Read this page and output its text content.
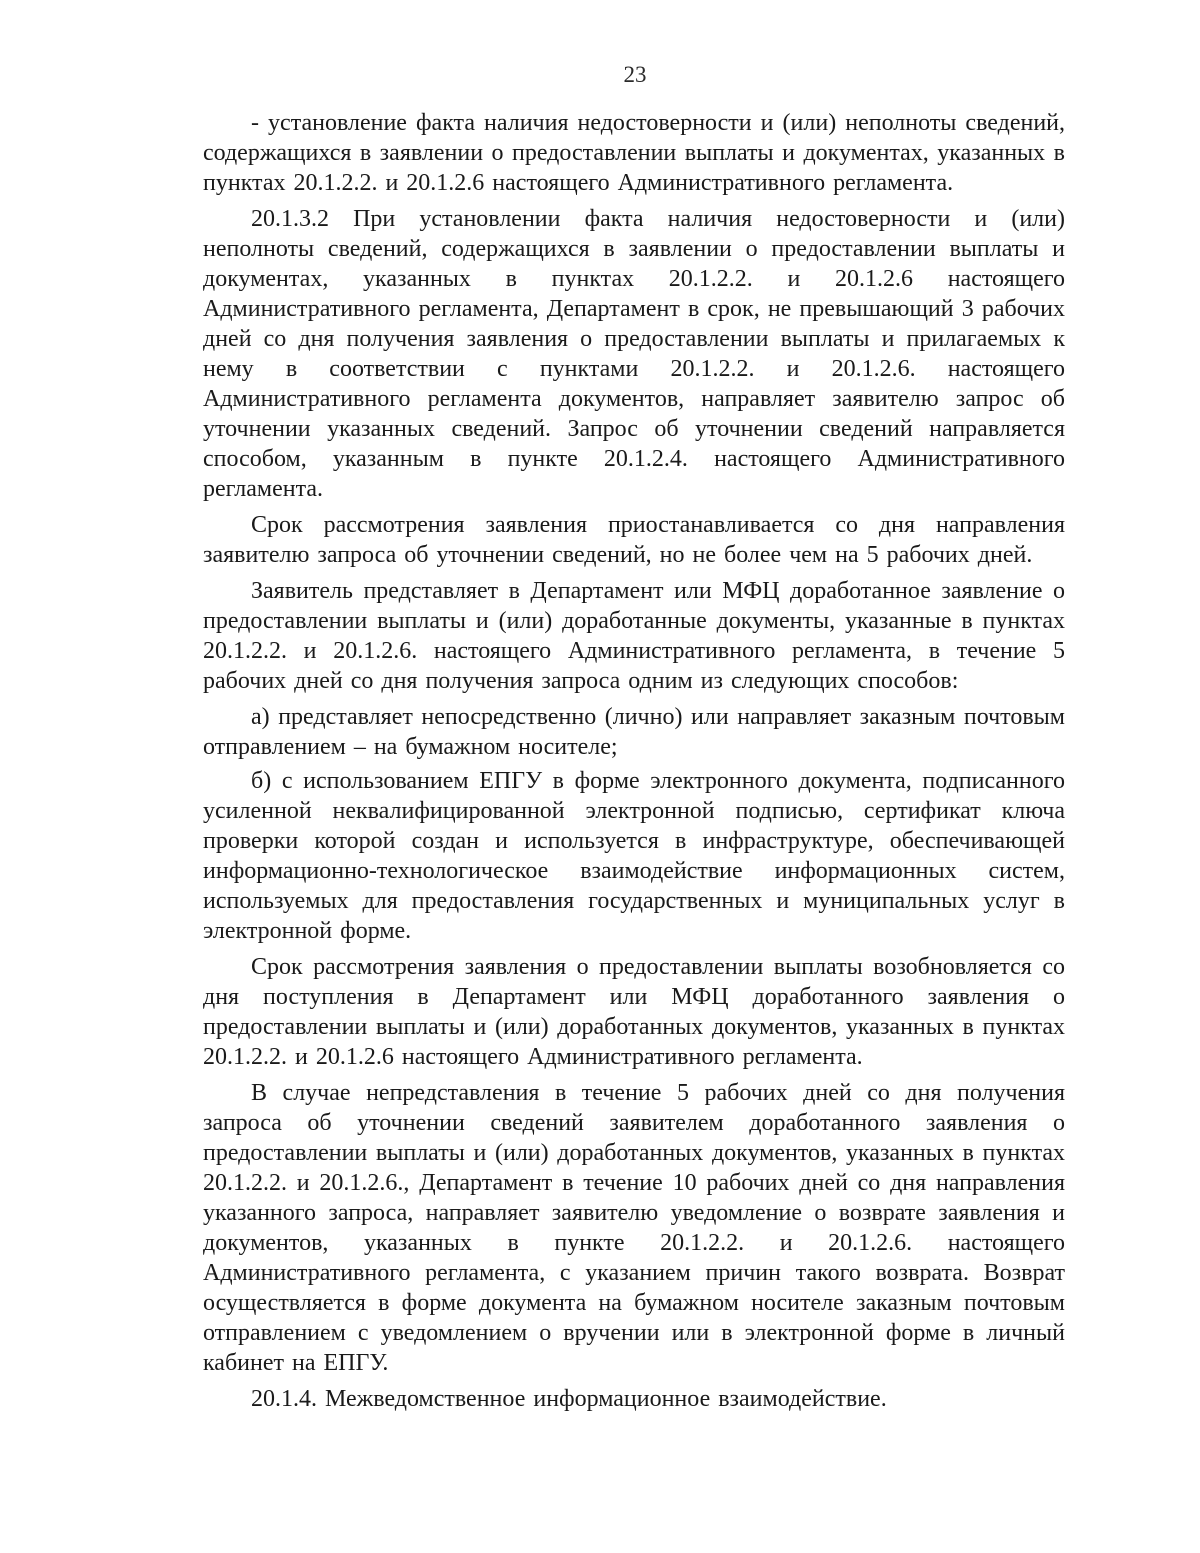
23

- установление факта наличия недостоверности и (или) неполноты сведений, содержащихся в заявлении о предоставлении выплаты и документах, указанных в пунктах 20.1.2.2. и 20.1.2.6 настоящего Административного регламента.

20.1.3.2 При установлении факта наличия недостоверности и (или) неполноты сведений, содержащихся в заявлении о предоставлении выплаты и документах, указанных в пунктах 20.1.2.2. и 20.1.2.6 настоящего Административного регламента, Департамент в срок, не превышающий 3 рабочих дней со дня получения заявления о предоставлении выплаты и прилагаемых к нему в соответствии с пунктами 20.1.2.2. и 20.1.2.6. настоящего Административного регламента документов, направляет заявителю запрос об уточнении указанных сведений. Запрос об уточнении сведений направляется способом, указанным в пункте 20.1.2.4. настоящего Административного регламента.

Срок рассмотрения заявления приостанавливается со дня направления заявителю запроса об уточнении сведений, но не более чем на 5 рабочих дней.

Заявитель представляет в Департамент или МФЦ доработанное заявление о предоставлении выплаты и (или) доработанные документы, указанные в пунктах 20.1.2.2. и 20.1.2.6. настоящего Административного регламента, в течение 5 рабочих дней со дня получения запроса одним из следующих способов:

а) представляет непосредственно (лично) или направляет заказным почтовым отправлением – на бумажном носителе;

б) с использованием ЕПГУ в форме электронного документа, подписанного усиленной неквалифицированной электронной подписью, сертификат ключа проверки которой создан и используется в инфраструктуре, обеспечивающей информационно-технологическое взаимодействие информационных систем, используемых для предоставления государственных и муниципальных услуг в электронной форме.

Срок рассмотрения заявления о предоставлении выплаты возобновляется со дня поступления в Департамент или МФЦ доработанного заявления о предоставлении выплаты и (или) доработанных документов, указанных в пунктах 20.1.2.2. и 20.1.2.6 настоящего Административного регламента.

В случае непредставления в течение 5 рабочих дней со дня получения запроса об уточнении сведений заявителем доработанного заявления о предоставлении выплаты и (или) доработанных документов, указанных в пунктах 20.1.2.2. и 20.1.2.6., Департамент в течение 10 рабочих дней со дня направления указанного запроса, направляет заявителю уведомление о возврате заявления и документов, указанных в пункте 20.1.2.2. и 20.1.2.6. настоящего Административного регламента, с указанием причин такого возврата. Возврат осуществляется в форме документа на бумажном носителе заказным почтовым отправлением с уведомлением о вручении или в электронной форме в личный кабинет на ЕПГУ.

20.1.4. Межведомственное информационное взаимодействие.
